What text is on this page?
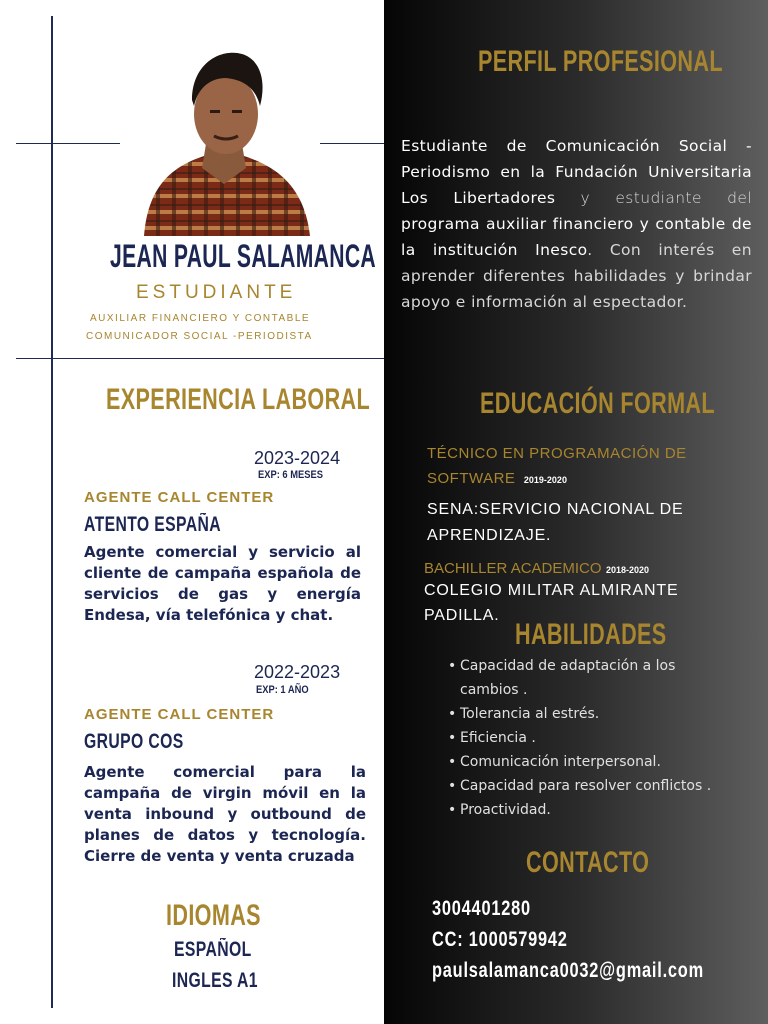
JEAN PAUL SALAMANCA
ESTUDIANTE
AUXILIAR FINANCIERO Y CONTABLE
COMUNICADOR SOCIAL -PERIODISTA
EXPERIENCIA LABORAL
2023-2024
EXP: 6 MESES
AGENTE CALL CENTER
ATENTO ESPAÑA
Agente comercial y servicio al cliente de campaña española de servicios de gas y energía Endesa, vía telefónica y chat.
2022-2023
EXP: 1 AÑO
AGENTE CALL CENTER
GRUPO COS
Agente comercial para la campaña de virgin móvil en la venta inbound y outbound de planes de datos y tecnología. Cierre de venta y venta cruzada
IDIOMAS
ESPAÑOL
INGLES A1
PERFIL PROFESIONAL
Estudiante de Comunicación Social -Periodismo en la Fundación Universitaria Los Libertadores y estudiante del programa auxiliar financiero y contable de la institución Inesco. Con interés en aprender diferentes habilidades y brindar apoyo e información al espectador.
EDUCACIÓN FORMAL
TÉCNICO EN PROGRAMACIÓN DE
SOFTWARE 2019-2020
SENA:SERVICIO NACIONAL DE
APRENDIZAJE.
BACHILLER ACADEMICO 2018-2020
COLEGIO MILITAR ALMIRANTE
PADILLA.
HABILIDADES
• Capacidad de adaptación a los cambios .
• Tolerancia al estrés.
• Eficiencia .
• Comunicación interpersonal.
• Capacidad para resolver conflictos .
• Proactividad.
CONTACTO
3004401280
CC: 1000579942
paulsalamanca0032@gmail.com
